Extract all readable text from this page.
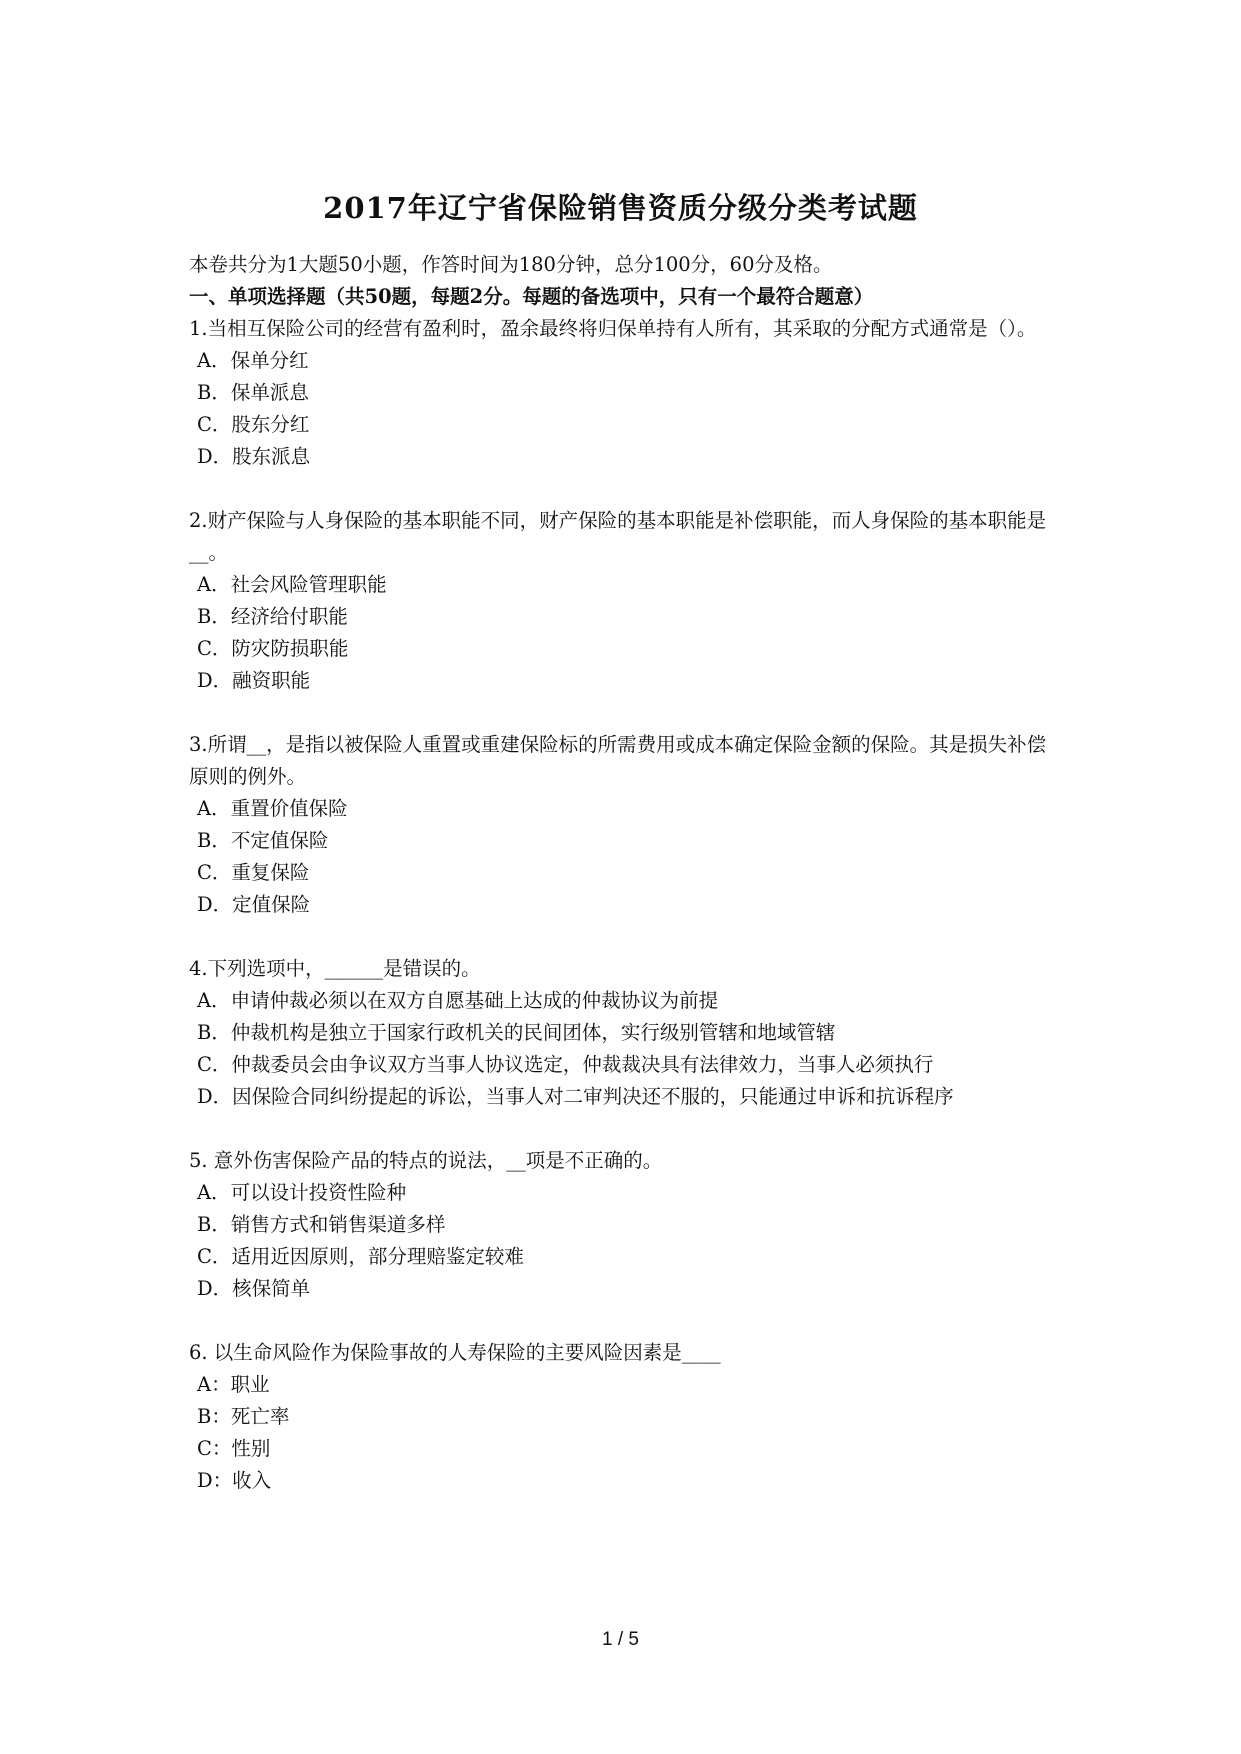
2017年辽宁省保险销售资质分级分类考试题

本卷共分为1大题50小题，作答时间为180分钟，总分100分，60分及格。

一、单项选择题（共50题，每题2分。每题的备选项中，只有一个最符合题意）

1.当相互保险公司的经营有盈利时，盈余最终将归保单持有人所有，其采取的分配方式通常是（）。

A．保单分红

B．保单派息

C．股东分红

D．股东派息

2.财产保险与人身保险的基本职能不同，财产保险的基本职能是补偿职能，而人身保险的基本职能是__。

A．社会风险管理职能

B．经济给付职能

C．防灾防损职能

D．融资职能

3.所谓__，是指以被保险人重置或重建保险标的所需费用或成本确定保险金额的保险。其是损失补偿原则的例外。

A．重置价值保险

B．不定值保险

C．重复保险

D．定值保险

4.下列选项中，______是错误的。

A．申请仲裁必须以在双方自愿基础上达成的仲裁协议为前提

B．仲裁机构是独立于国家行政机关的民间团体，实行级别管辖和地域管辖

C．仲裁委员会由争议双方当事人协议选定，仲裁裁决具有法律效力，当事人必须执行

D．因保险合同纠纷提起的诉讼，当事人对二审判决还不服的，只能通过申诉和抗诉程序

5. 意外伤害保险产品的特点的说法，__项是不正确的。

A．可以设计投资性险种

B．销售方式和销售渠道多样

C．适用近因原则，部分理赔鉴定较难

D．核保简单

6. 以生命风险作为保险事故的人寿保险的主要风险因素是____

A：职业

B：死亡率

C：性别

D：收入

1 / 5
